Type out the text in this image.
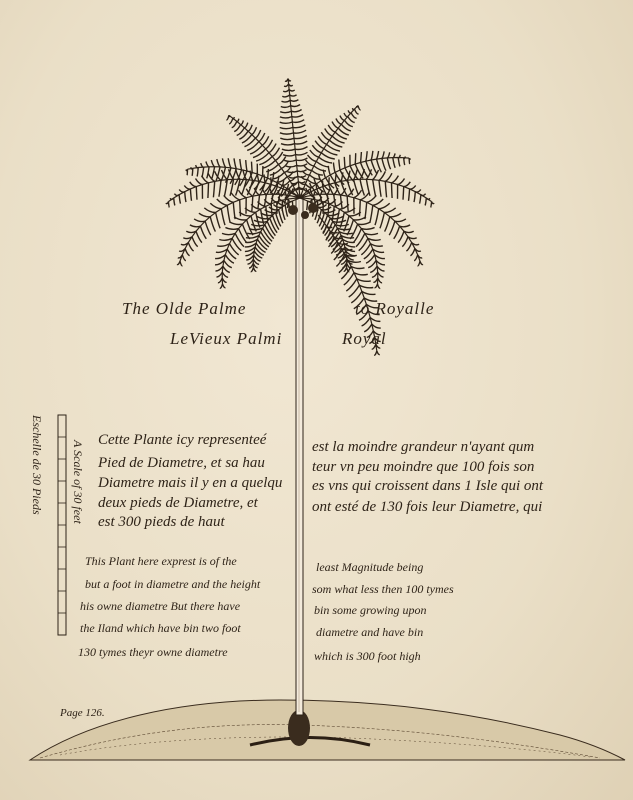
The Olde Palme	to Royalle
LeVieux Palmi	Royal
Eschelle de 30 Pieds A Scale of 30 feet Cette Plante icy representeé
Pied de Diametre, et sa hau
Diametre mais il y en a quelqu
deux pieds de Diametre, et
est 300 pieds de haut
est la moindre grandeur n'ayant qum
teur vn peu moindre que 100 fois son
es vns qui croissent dans 1 Isle qui ont
ont esté de 130 fois leur Diametre, qui
This Plant here exprest is of the
but a foot in diametre and the height
his owne diametre But there have
the Iland which have bin two foot
130 tymes theyr owne diametre
least Magnitude being
som what less then 100 tymes
bin some growing upon
diametre and have bin
which is 300 foot high
Page 126.
